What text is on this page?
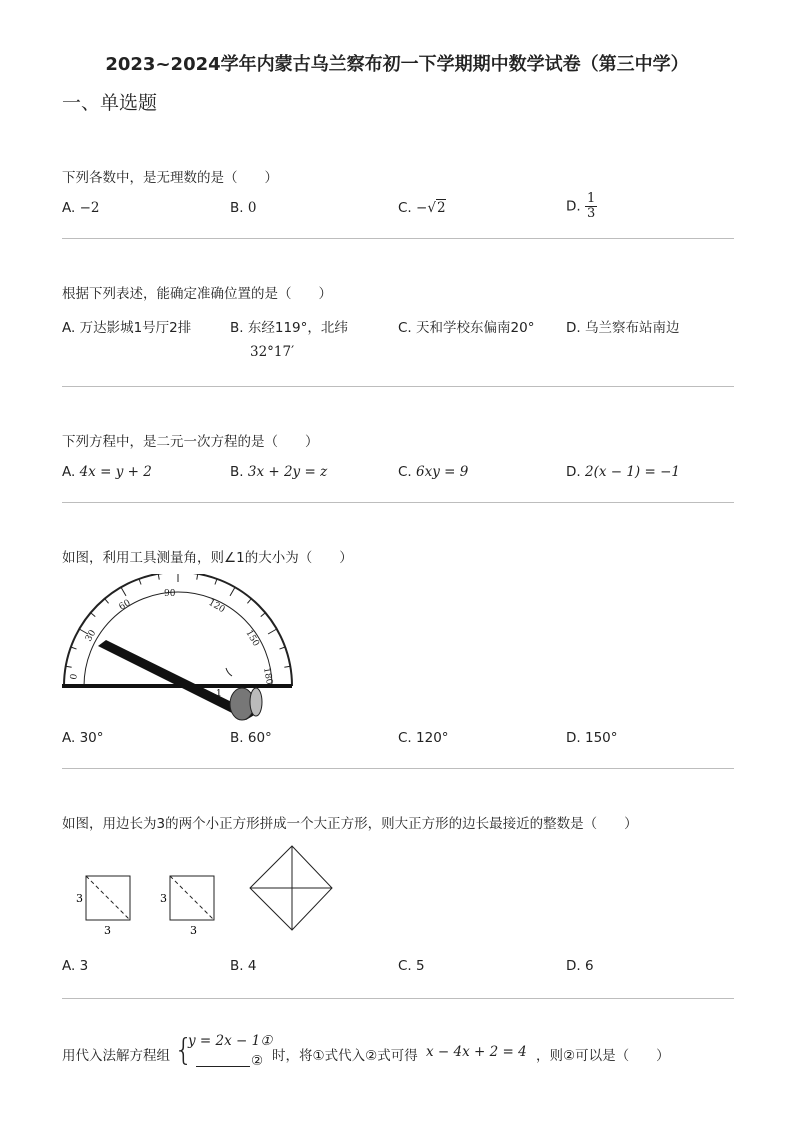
2023~2024学年内蒙古乌兰察布初一下学期期中数学试卷（第三中学）
一、单选题
下列各数中，是无理数的是（　　）
A. −2	B. 0	C. −√2	D. $\frac{1}{3}$
根据下列表述，能确定准确位置的是（　　）
A. 万达影城1号厅2排	B. 东经119°，北纬
32°17′
C. 天和学校东偏南20° D. 乌兰察布站南边
下列方程中，是二元一次方程的是（　　）
A. 4x = y + 2	B. 3x + 2y = z	C. 6xy = 9	D. 2(x − 1) = −1
如图，利用工具测量角，则∠1的大小为（　　）
0
30
60
90
120
150
180
1
A. 30°	B. 60°	C. 120°	D. 150°
如图，用边长为3的两个小正方形拼成一个大正方形，则大正方形的边长最接近的整数是（　　）
3
3
3
3
A. 3	B. 4	C. 5	D. 6
用代入法解方程组 {
y = 2x − 1①
② 时，将①式代入②式可得 x − 4x + 2 = 4 ，则②可以是（　　）
